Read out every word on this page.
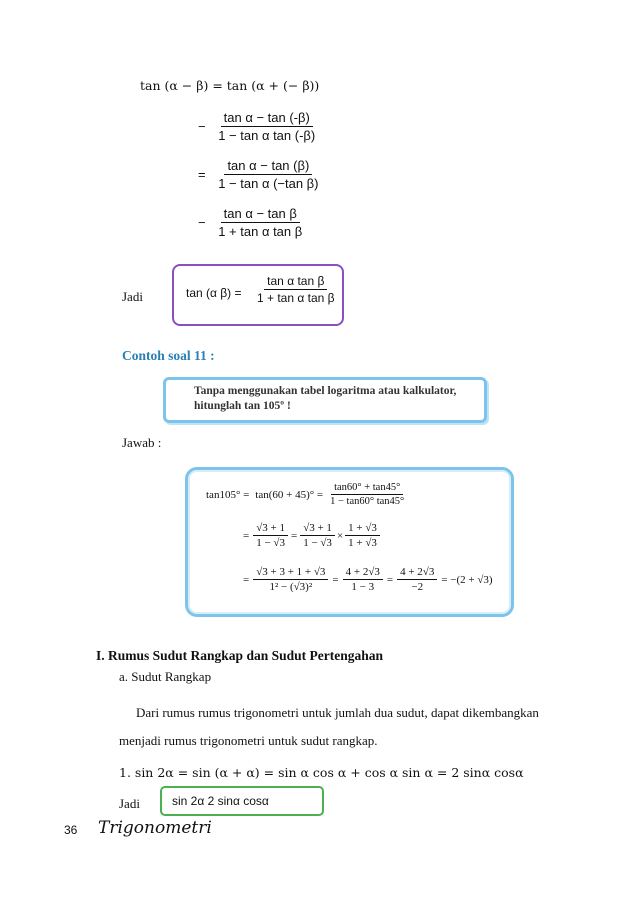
tan (α − β) = tan (α + (− β))
− $\frac{\text{tan α − tan (-β)}}{\text{1 − tan α tan (-β)}}$
= $\frac{\text{tan α − tan (β)}}{\text{1 − tan α (−tan β)}}$
− $\frac{\text{tan α − tan β}}{\text{1 + tan α tan β}}$
Jadi	tan (α $\beta) = \frac{\text{tan α tan β}}{\text{1 + tan α tan β}}$
Contoh soal 11 :
Tanpa menggunakan tabel logaritma atau kalkulator,
hitunglah tan 105º !
Jawab :
$\tan 105^\circ = \tan(60 + 45)^\circ = \frac{\tan 60^\circ + \tan 45^\circ}{1 - \tan 60^\circ \tan 45^\circ}$
= $\frac{√3 + 1}{1 - √3} = \frac{√3 + 1}{1 - √3} \times \frac{1 + √3}{1 + √3}$
= $\frac{√3 + 3 + 1 + √3}{\text{1² − (√3)²}} = \frac{4 + 2√3}{1 - 3} = \frac{4 + 2√3}{-2} = -(2 + √3)$
I. Rumus Sudut Rangkap dan Sudut Pertengahan
a. Sudut Rangkap
Dari rumus rumus trigonometri untuk jumlah dua sudut, dapat dikembangkan
menjadi rumus trigonometri untuk sudut rangkap.
1. sin 2α = sin (α + α) = sin α cos α + cos α sin α = 2 sinα cosα
Jadi	sin 2α 2 sinα cosα
36 Trigonometri
